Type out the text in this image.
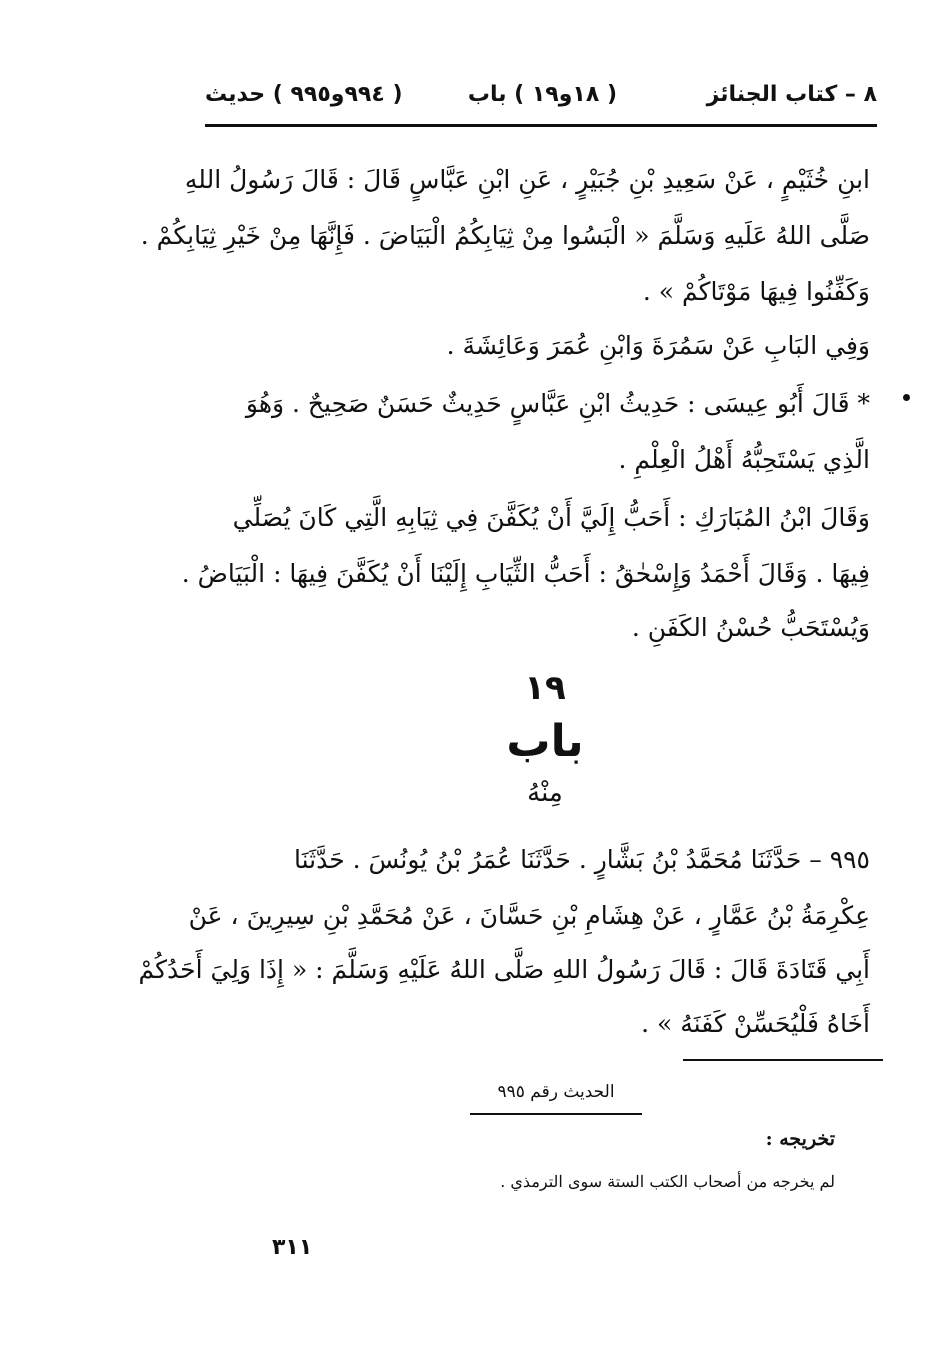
٨ – كتاب الجنائز
( ١٨و١٩ ) باب
( ٩٩٤و٩٩٥ ) حديث
ابنِ خُثَيْمٍ ، عَنْ سَعِيدِ بْنِ جُبَيْرٍ ، عَنِ ابْنِ عَبَّاسٍ قَالَ : قَالَ رَسُولُ اللهِ
صَلَّى اللهُ عَلَيهِ وَسَلَّمَ « الْبَسُوا مِنْ ثِيَابِكُمُ الْبَيَاضَ . فَإِنَّهَا مِنْ خَيْرِ ثِيَابِكُمْ .
وَكَفِّنُوا فِيهَا مَوْتَاكُمْ » .
وَفِي البَابِ عَنْ سَمُرَةَ وَابْنِ عُمَرَ وَعَائِشَةَ .
* قَالَ أَبُو عِيسَى : حَدِيثُ ابْنِ عَبَّاسٍ حَدِيثٌ حَسَنٌ صَحِيحٌ . وَهُوَ
الَّذِي يَسْتَحِبُّهُ أَهْلُ الْعِلْمِ .
وَقَالَ ابْنُ المُبَارَكِ : أَحَبُّ إِلَيَّ أَنْ يُكَفَّنَ فِي ثِيَابِهِ الَّتِي كَانَ يُصَلِّي
فِيهَا . وَقَالَ أَحْمَدُ وَإِسْحٰقُ : أَحَبُّ الثِّيَابِ إِلَيْنَا أَنْ يُكَفَّنَ فِيهَا : الْبَيَاضُ .
وَيُسْتَحَبُّ حُسْنُ الكَفَنِ .
١٩
باب
مِنْهُ
٩٩٥ – حَدَّثَنَا مُحَمَّدُ بْنُ بَشَّارٍ . حَدَّثَنَا عُمَرُ بْنُ يُونُسَ . حَدَّثَنَا
عِكْرِمَةُ بْنُ عَمَّارٍ ، عَنْ هِشَامِ بْنِ حَسَّانَ ، عَنْ مُحَمَّدِ بْنِ سِيرِينَ ، عَنْ
أَبِي قَتَادَةَ قَالَ : قَالَ رَسُولُ اللهِ صَلَّى اللهُ عَلَيْهِ وَسَلَّمَ : « إِذَا وَلِيَ أَحَدُكُمْ
أَخَاهُ فَلْيُحَسِّنْ كَفَنَهُ » .
الحديث رقم ٩٩٥
تخريجه :
لم يخرجه من أصحاب الكتب الستة سوى الترمذي .
٣١١
